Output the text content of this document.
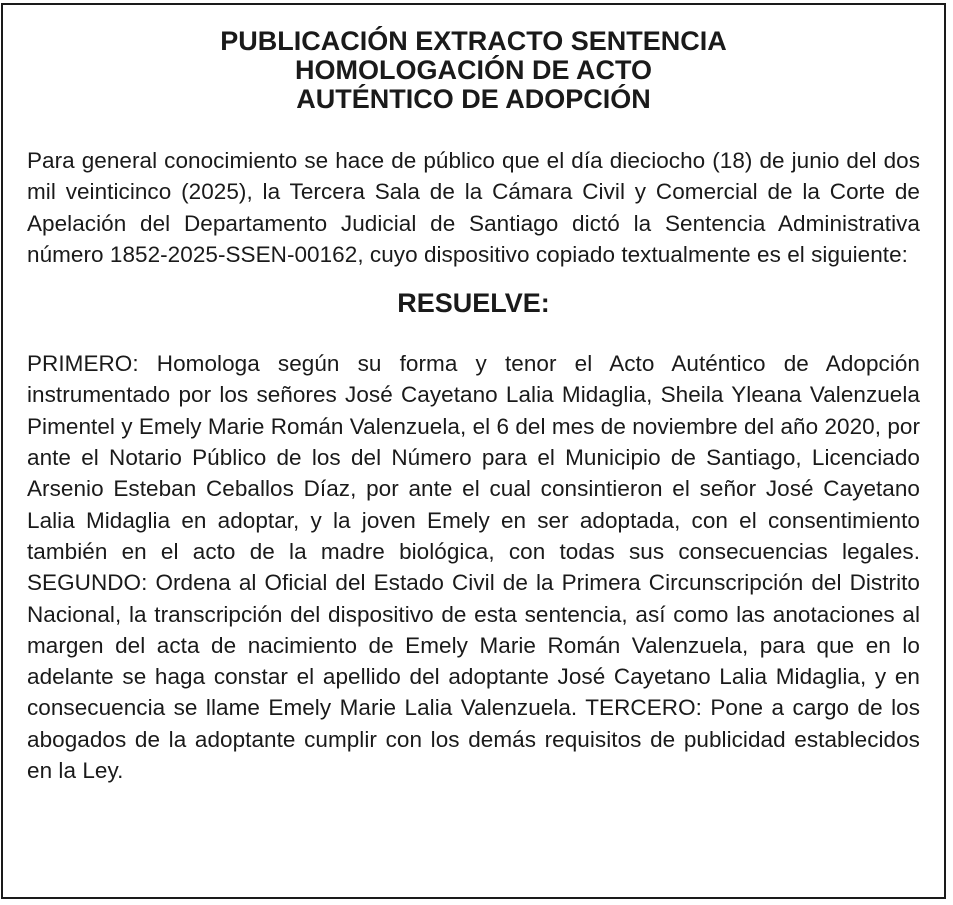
PUBLICACIÓN EXTRACTO SENTENCIA
HOMOLOGACIÓN DE ACTO
AUTÉNTICO DE ADOPCIÓN

Para general conocimiento se hace de público que el día dieciocho (18) de junio del dos mil veinticinco (2025), la Tercera Sala de la Cámara Civil y Comercial de la Corte de Apelación del Departamento Judicial de Santiago dictó la Sentencia Administrativa número 1852-2025-SSEN-00162, cuyo dispositivo copiado textualmente es el siguiente:

RESUELVE:

PRIMERO: Homologa según su forma y tenor el Acto Auténtico de Adopción instrumentado por los señores José Cayetano Lalia Midaglia, Sheila Yleana Valenzuela Pimentel y Emely Marie Román Valenzuela, el 6 del mes de noviembre del año 2020, por ante el Notario Público de los del Número para el Municipio de Santiago, Licenciado Arsenio Esteban Ceballos Díaz, por ante el cual consintieron el señor José Cayetano Lalia Midaglia en adoptar, y la joven Emely en ser adoptada, con el consentimiento también en el acto de la madre biológica, con todas sus consecuencias legales. SEGUNDO: Ordena al Oficial del Estado Civil de la Primera Circunscripción del Distrito Nacional, la transcripción del dispositivo de esta sentencia, así como las anotaciones al margen del acta de nacimiento de Emely Marie Román Valenzuela, para que en lo adelante se haga constar el apellido del adoptante José Cayetano Lalia Midaglia, y en consecuencia se llame Emely Marie Lalia Valenzuela. TERCERO: Pone a cargo de los abogados de la adoptante cumplir con los demás requisitos de publicidad establecidos en la Ley.
